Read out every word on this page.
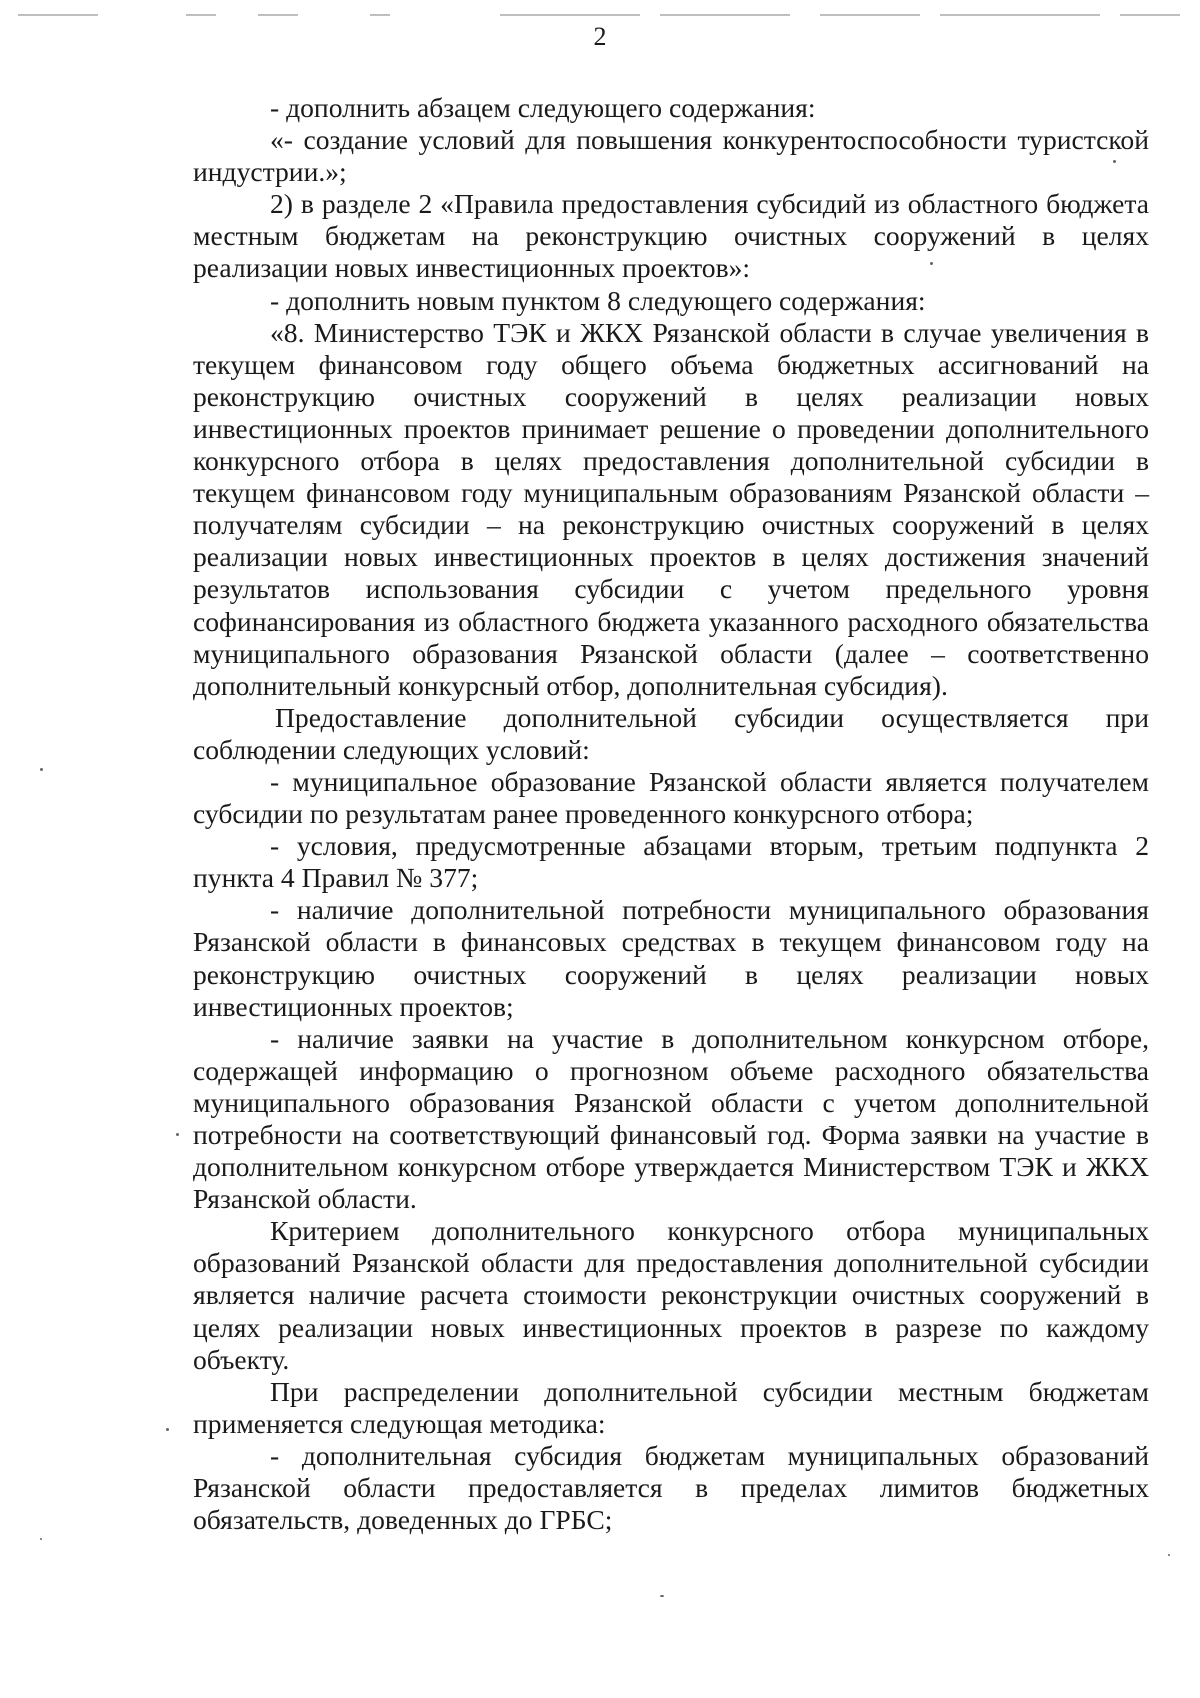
2

- дополнить абзацем следующего содержания:

«- создание условий для повышения конкурентоспособности туристской индустрии.»;

2) в разделе 2 «Правила предоставления субсидий из областного бюджета местным бюджетам на реконструкцию очистных сооружений в целях реализации новых инвестиционных проектов»:

- дополнить новым пунктом 8 следующего содержания:

«8. Министерство ТЭК и ЖКХ Рязанской области в случае увеличения в текущем финансовом году общего объема бюджетных ассигнований на реконструкцию очистных сооружений в целях реализации новых инвестиционных проектов принимает решение о проведении дополнительного конкурсного отбора в целях предоставления дополнительной субсидии в текущем финансовом году муниципальным образованиям Рязанской области – получателям субсидии – на реконструкцию очистных сооружений в целях реализации новых инвестиционных проектов в целях достижения значений результатов использования субсидии с учетом предельного уровня софинансирования из областного бюджета указанного расходного обязательства муниципального образования Рязанской области (далее – соответственно дополнительный конкурсный отбор, дополнительная субсидия).

Предоставление дополнительной субсидии осуществляется при соблюдении следующих условий:

- муниципальное образование Рязанской области является получателем субсидии по результатам ранее проведенного конкурсного отбора;

- условия, предусмотренные абзацами вторым, третьим подпункта 2 пункта 4 Правил № 377;

- наличие дополнительной потребности муниципального образования Рязанской области в финансовых средствах в текущем финансовом году на реконструкцию очистных сооружений в целях реализации новых инвестиционных проектов;

- наличие заявки на участие в дополнительном конкурсном отборе, содержащей информацию о прогнозном объеме расходного обязательства муниципального образования Рязанской области с учетом дополнительной потребности на соответствующий финансовый год. Форма заявки на участие в дополнительном конкурсном отборе утверждается Министерством ТЭК и ЖКХ Рязанской области.

Критерием дополнительного конкурсного отбора муниципальных образований Рязанской области для предоставления дополнительной субсидии является наличие расчета стоимости реконструкции очистных сооружений в целях реализации новых инвестиционных проектов в разрезе по каждому объекту.

При распределении дополнительной субсидии местным бюджетам применяется следующая методика:

- дополнительная субсидия бюджетам муниципальных образований Рязанской области предоставляется в пределах лимитов бюджетных обязательств, доведенных до ГРБС;
